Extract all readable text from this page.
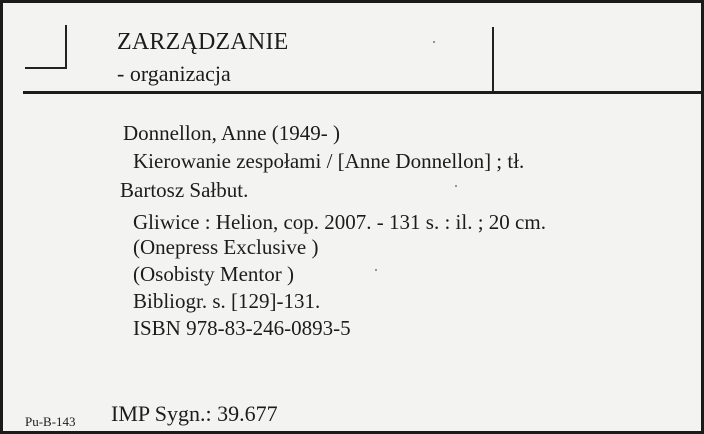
ZARZĄDZANIE
- organizacja
Donnellon, Anne (1949- )
Kierowanie zespołami / [Anne Donnellon] ; tł.
Bartosz Sałbut.
Gliwice : Helion, cop. 2007. - 131 s. : il. ; 20 cm.
(Onepress Exclusive )
(Osobisty Mentor )
Bibliogr. s. [129]-131.
ISBN 978-83-246-0893-5
Pu-B-143 IMP Sygn.: 39.677
